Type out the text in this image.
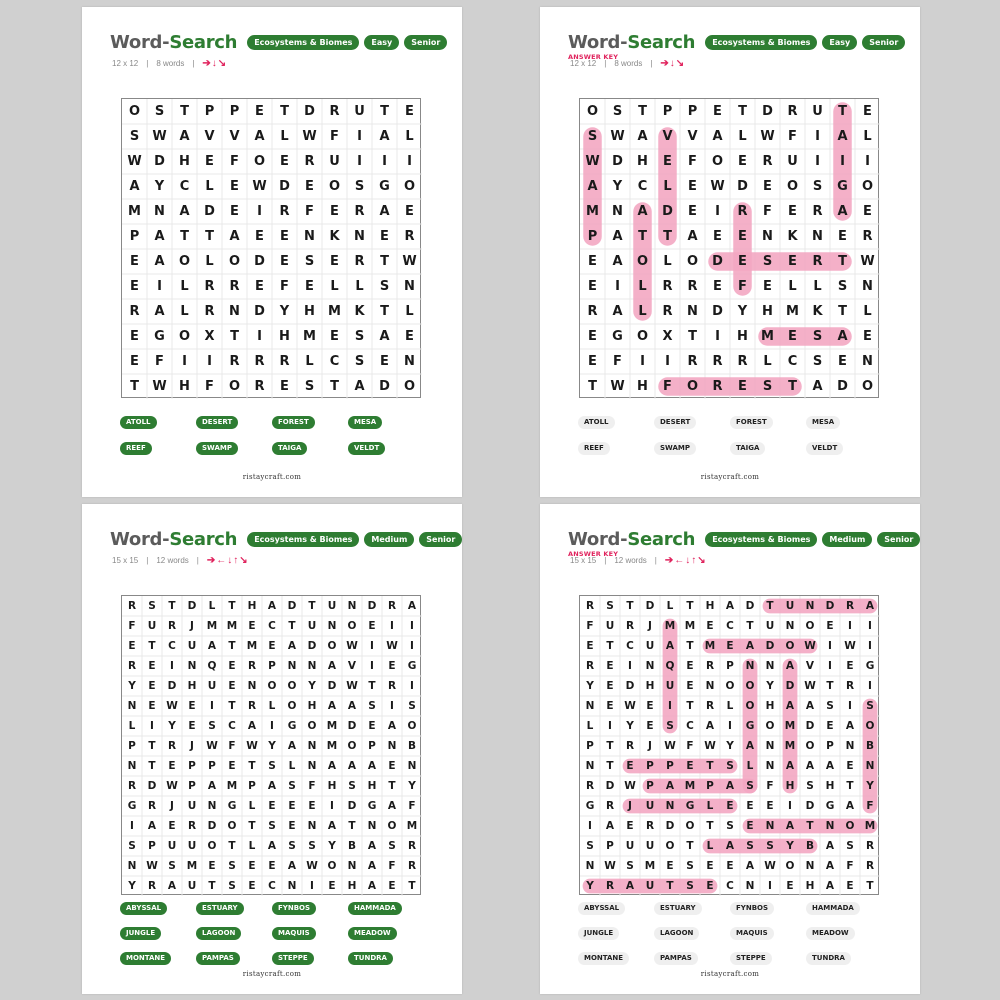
Word- Search	Ecosystems & Biomes	Easy	Senior
12 x 12 | 8 words | ➔↓↘
O S T P P E T D R U T E
S W A V V A L W F I A L
W D H E F O E R U I I I
A Y C L E W D E O S G O
M N A D E I R F E R A E
P A T T A E E N K N E R
E A O L O D E S E R T W
E I L R R E F E L L S N
R A L R N D Y H M K T L
E G O X T I H M E S A E
E F I I R R R L C S E N
T W H F O R E S T A D O
ATOLL	DESERT	FOREST	MESA
REEF	SWAMP	TAIGA	VELDT
ristaycraft.com
Word- Search	Ecosystems & Biomes	Easy	Senior
ANSWER KEY
12 x 12 | 8 words | ➔↓↘
O S T P P E T D R U T E
S W A V V A L W F I A L
W D H E F O E R U I I I
A Y C L E W D E O S G O
M N A D E I R F E R A E
P A T T A E E N K N E R
E A O L O D E S E R T W
E I L R R E F E L L S N
R A L R N D Y H M K T L
E G O X T I H M E S A E
E F I I R R R L C S E N
T W H F O R E S T A D O
ATOLL	DESERT	FOREST	MESA
REEF	SWAMP	TAIGA	VELDT
ristaycraft.com
Word- Search	Ecosystems & Biomes	Medium	Senior
15 x 15 | 12 words | ➔←↓↑↘
R S T D L T H A D T U N D R A
F U R J M M E C T U N O E I I
E T C U A T M E A D O W I W I
R E I N Q E R P N N A V I E G
Y E D H U E N O O Y D W T R I
N E W E I T R L O H A A S I S
L I Y E S C A I G O M D E A O
P T R J W F W Y A N M O P N B
N T E P P E T S L N A A A E N
R D W P A M P A S F H S H T Y
G R J U N G L E E E I D G A F
I A E R D O T S E N A T N O M
S P U U O T L A S S Y B A S R
N W S M E S E E A W O N A F R
Y R A U T S E C N I E H A E T
ABYSSAL	ESTUARY	FYNBOS	HAMMADA
JUNGLE	LAGOON	MAQUIS	MEADOW
MONTANE	PAMPAS	STEPPE	TUNDRA
ristaycraft.com
Word- Search	Ecosystems & Biomes	Medium	Senior
ANSWER KEY
15 x 15 | 12 words | ➔←↓↑↘
R S T D L T H A D T U N D R A
F U R J M M E C T U N O E I I
E T C U A T M E A D O W I W I
R E I N Q E R P N N A V I E G
Y E D H U E N O O Y D W T R I
N E W E I T R L O H A A S I S
L I Y E S C A I G O M D E A O
P T R J W F W Y A N M O P N B
N T E P P E T S L N A A A E N
R D W P A M P A S F H S H T Y
G R J U N G L E E E I D G A F
I A E R D O T S E N A T N O M
S P U U O T L A S S Y B A S R
N W S M E S E E A W O N A F R
Y R A U T S E C N I E H A E T
ABYSSAL	ESTUARY	FYNBOS	HAMMADA
JUNGLE	LAGOON	MAQUIS	MEADOW
MONTANE	PAMPAS	STEPPE	TUNDRA
ristaycraft.com
